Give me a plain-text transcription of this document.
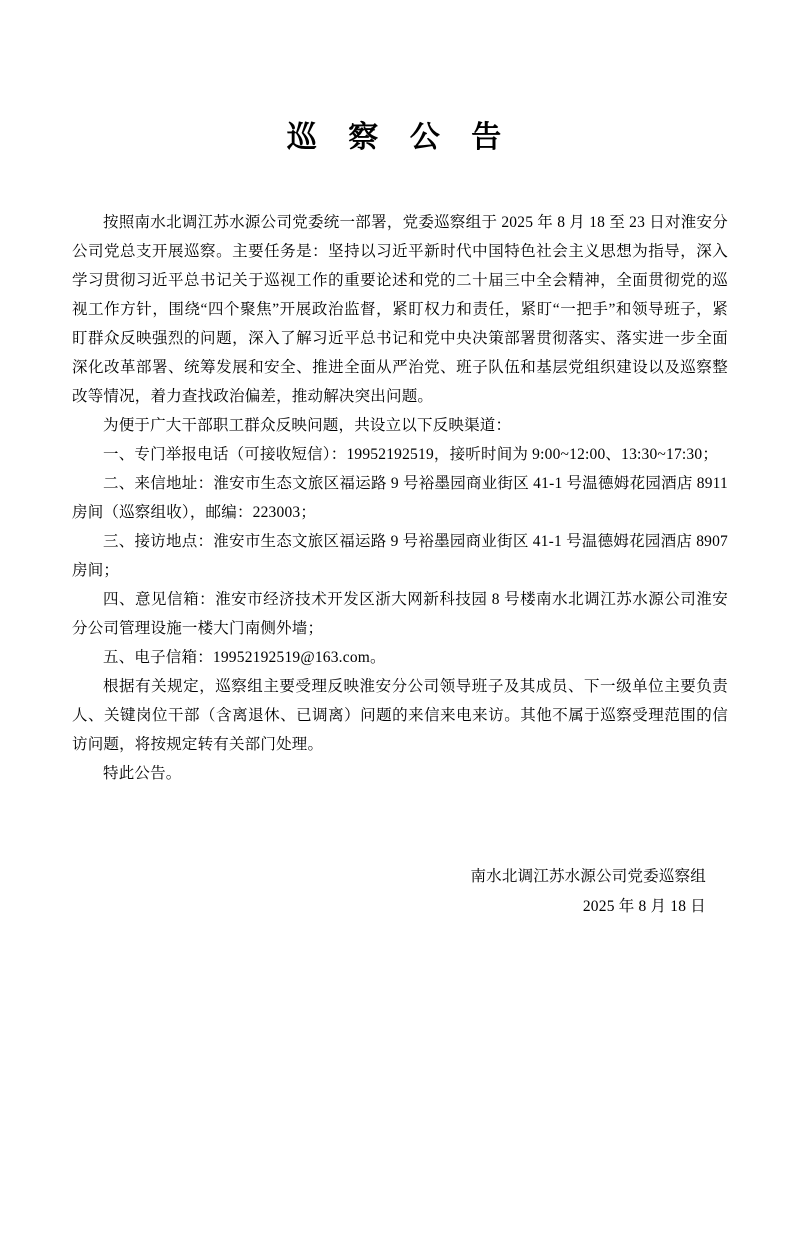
巡 察 公 告

按照南水北调江苏水源公司党委统一部署，党委巡察组于 2025 年 8 月 18 至 23 日对淮安分公司党总支开展巡察。主要任务是：坚持以习近平新时代中国特色社会主义思想为指导，深入学习贯彻习近平总书记关于巡视工作的重要论述和党的二十届三中全会精神，全面贯彻党的巡视工作方针，围绕“四个聚焦”开展政治监督，紧盯权力和责任，紧盯“一把手”和领导班子，紧盯群众反映强烈的问题，深入了解习近平总书记和党中央决策部署贯彻落实、落实进一步全面深化改革部署、统筹发展和安全、推进全面从严治党、班子队伍和基层党组织建设以及巡察整改等情况，着力查找政治偏差，推动解决突出问题。

为便于广大干部职工群众反映问题，共设立以下反映渠道：

一、专门举报电话（可接收短信）：19952192519，接听时间为 9:00~12:00、13:30~17:30；

二、来信地址：淮安市生态文旅区福运路 9 号裕墨园商业街区 41-1 号温德姆花园酒店 8911 房间（巡察组收），邮编：223003；

三、接访地点：淮安市生态文旅区福运路 9 号裕墨园商业街区 41-1 号温德姆花园酒店 8907 房间；

四、意见信箱：淮安市经济技术开发区浙大网新科技园 8 号楼南水北调江苏水源公司淮安分公司管理设施一楼大门南侧外墙；

五、电子信箱：19952192519@163.com。

根据有关规定，巡察组主要受理反映淮安分公司领导班子及其成员、下一级单位主要负责人、关键岗位干部（含离退休、已调离）问题的来信来电来访。其他不属于巡察受理范围的信访问题，将按规定转有关部门处理。

特此公告。

南水北调江苏水源公司党委巡察组
2025 年 8 月 18 日
